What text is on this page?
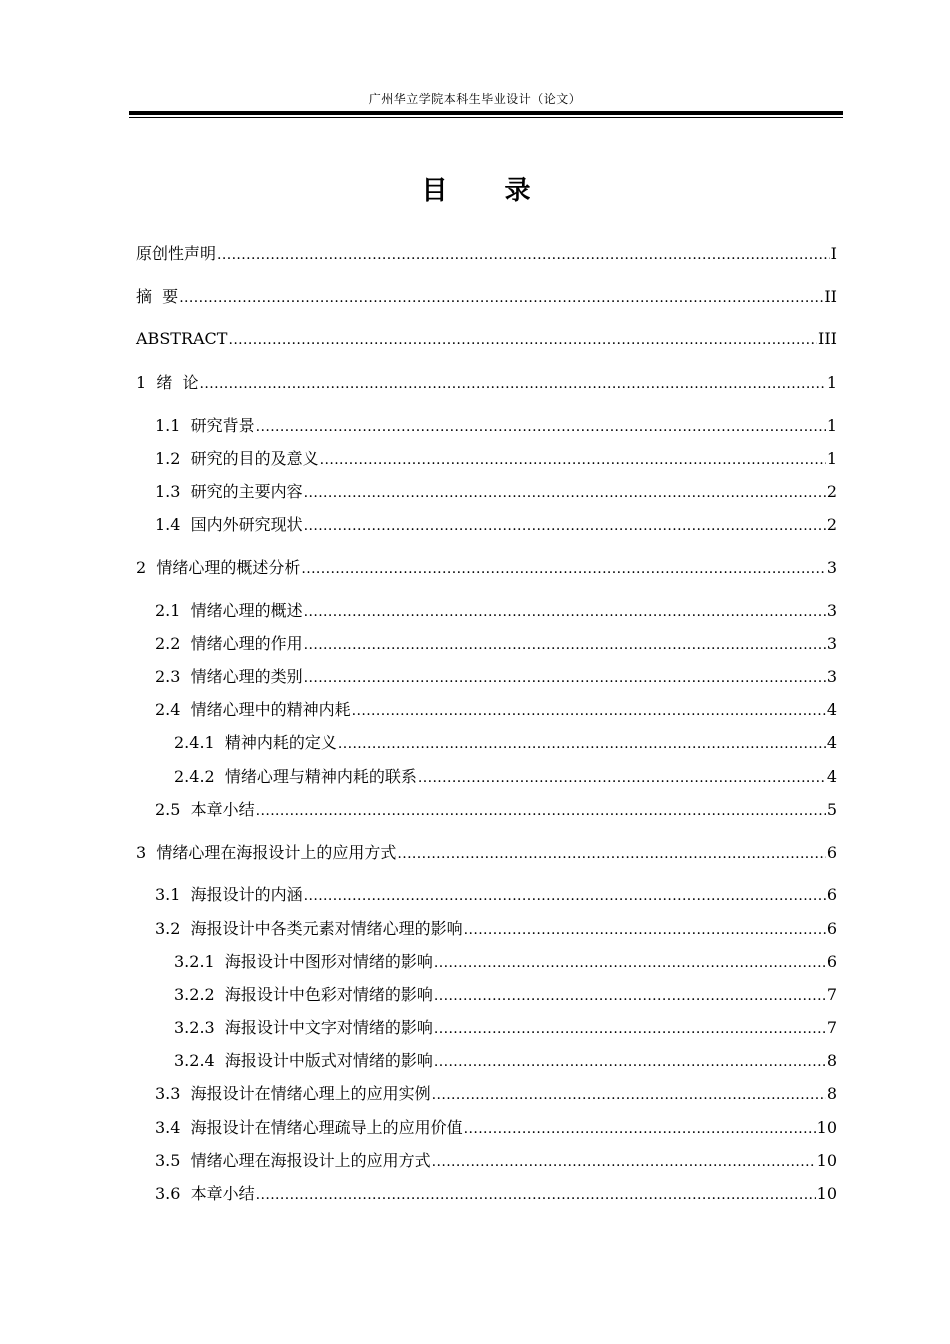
广州华立学院本科生毕业设计（论文）
目 录
原创性声明 .....	I
摘  要 .....	II
ABSTRACT .....	III
1 绪  论 .....	1
1.1 研究背景 .....	1
1.2 研究的目的及意义 .....	1
1.3 研究的主要内容 .....	2
1.4 国内外研究现状 .....	2
2 情绪心理的概述分析 .....	3
2.1 情绪心理的概述 .....	3
2.2 情绪心理的作用 .....	3
2.3 情绪心理的类别 .....	3
2.4 情绪心理中的精神内耗 .....	4
2.4.1 精神内耗的定义 .....	4
2.4.2 情绪心理与精神内耗的联系 .....	4
2.5 本章小结 .....	5
3 情绪心理在海报设计上的应用方式 .....	6
3.1 海报设计的内涵 .....	6
3.2 海报设计中各类元素对情绪心理的影响 .....	6
3.2.1 海报设计中图形对情绪的影响 .....	6
3.2.2 海报设计中色彩对情绪的影响 .....	7
3.2.3 海报设计中文字对情绪的影响 .....	7
3.2.4 海报设计中版式对情绪的影响 .....	8
3.3 海报设计在情绪心理上的应用实例 .....	8
3.4 海报设计在情绪心理疏导上的应用价值 .....	10
3.5 情绪心理在海报设计上的应用方式 .....	10
3.6 本章小结 .....	10
